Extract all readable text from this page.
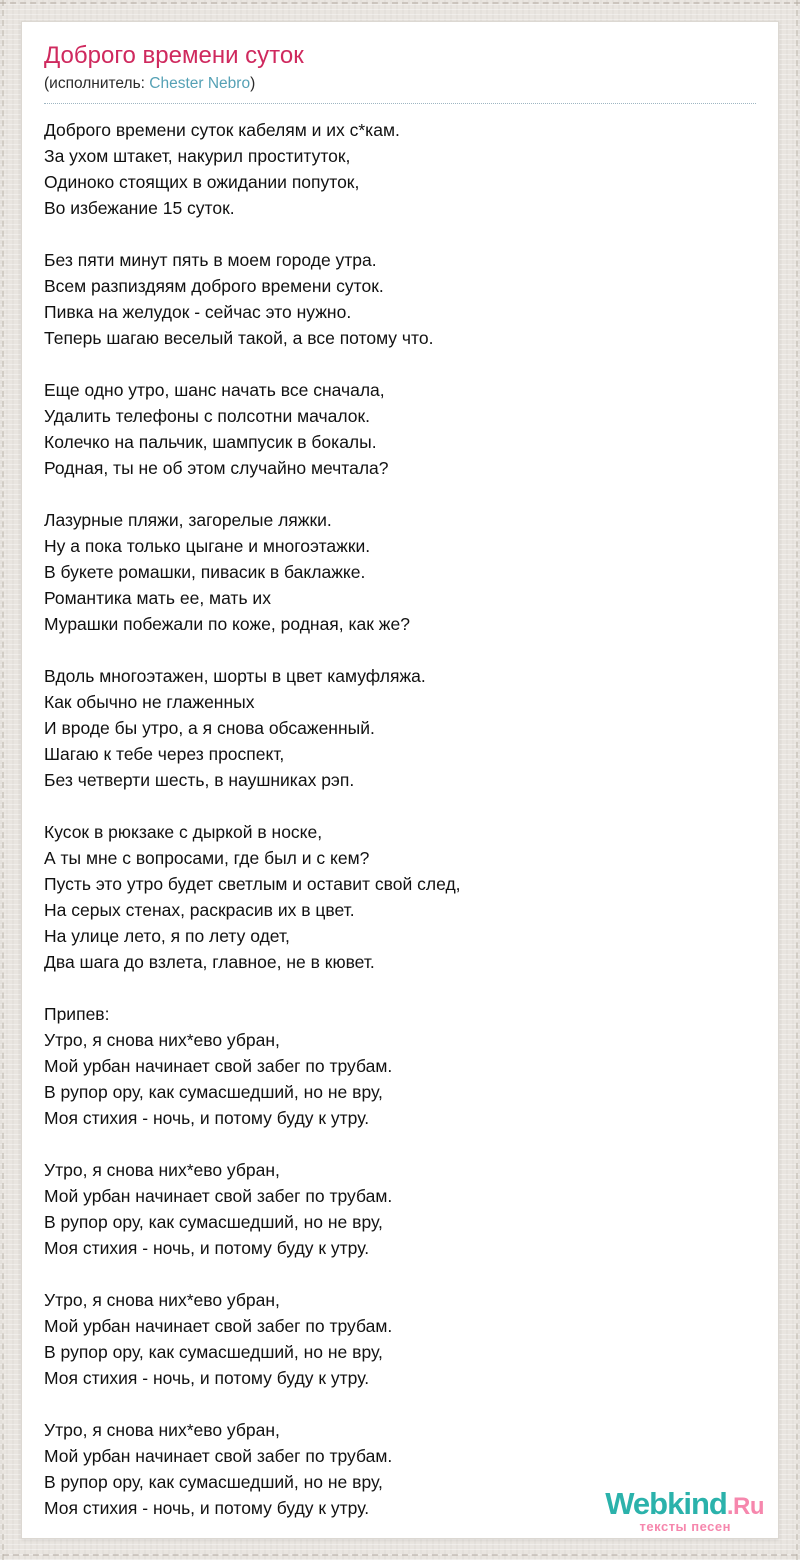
Доброго времени суток
(исполнитель: Chester Nebro)

Доброго времени суток кабелям и их с*кам.
За ухом штакет, накурил проституток,
Одиноко стоящих в ожидании попуток,
Во избежание 15 суток.

Без пяти минут пять в моем городе утра.
Всем разпиздяям доброго времени суток.
Пивка на желудок - сейчас это нужно.
Теперь шагаю веселый такой, а все потому что.

Еще одно утро, шанс начать все сначала,
Удалить телефоны с полсотни мачалок.
Колечко на пальчик, шампусик в бокалы.
Родная, ты не об этом случайно мечтала?

Лазурные пляжи, загорелые ляжки.
Ну а пока только цыгане и многоэтажки.
В букете ромашки, пивасик в баклажке.
Романтика мать ее, мать их
Мурашки побежали по коже, родная, как же?

Вдоль многоэтажен, шорты в цвет камуфляжа.
Как обычно не глаженных
И вроде бы утро, а я снова обсаженный.
Шагаю к тебе через проспект,
Без четверти шесть, в наушниках рэп.

Кусок в рюкзаке с дыркой в носке,
А ты мне с вопросами, где был и с кем?
Пусть это утро будет светлым и оставит свой след,
На серых стенах, раскрасив их в цвет.
На улице лето, я по лету одет,
Два шага до взлета, главное, не в кювет.

Припев:
Утро, я снова них*ево убран,
Мой урбан начинает свой забег по трубам.
В рупор ору, как сумасшедший, но не вру,
Моя стихия - ночь, и потому буду к утру.

Утро, я снова них*ево убран,
Мой урбан начинает свой забег по трубам.
В рупор ору, как сумасшедший, но не вру,
Моя стихия - ночь, и потому буду к утру.

Утро, я снова них*ево убран,
Мой урбан начинает свой забег по трубам.
В рупор ору, как сумасшедший, но не вру,
Моя стихия - ночь, и потому буду к утру.

Утро, я снова них*ево убран,
Мой урбан начинает свой забег по трубам.
В рупор ору, как сумасшедший, но не вру,
Моя стихия - ночь, и потому буду к утру.	Webkind.Ru
тексты песен
